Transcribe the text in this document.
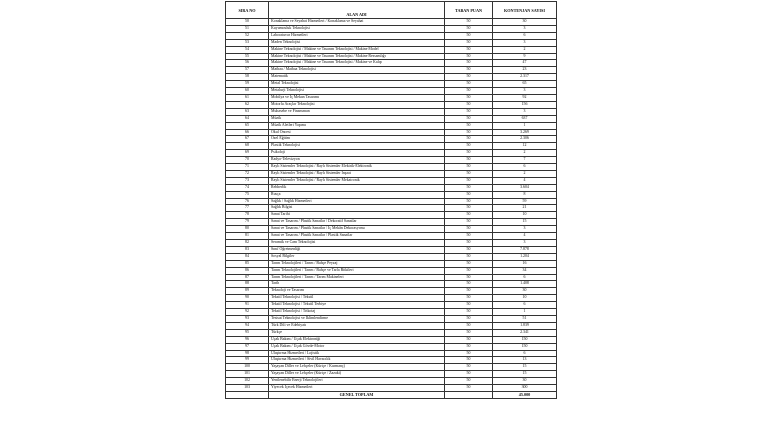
SIRA NO	ALAN ADI	TABAN PUAN	KONTENJAN SAYISI
50	Konaklama ve Seyahat Hizmetleri / Konaklama ve Seyahat	50	30
51	Kuyumculuk Teknolojisi	50	3
52	Laboratuvar Hizmetleri	50	6
53	Maden Teknolojisi	50	3
54	Makine Teknolojisi / Makine ve Tasarım Teknolojisi / Makine Model	50	2
55	Makine Teknolojisi / Makine ve Tasarım Teknolojisi / Makine Ressamlığı	50	9
56	Makine Teknolojisi / Makine ve Tasarım Teknolojisi / Makine ve Kalıp	50	47
57	Matbaa / Matbaa Teknolojisi	50	23
58	Matematik	50	2.317
59	Metal Teknolojisi	50	65
60	Metalurji Teknolojisi	50	3
61	Mobilya ve İç Mekan Tasarımı	50	92
62	Motorlu Araçlar Teknolojisi	50	156
63	Muhasebe ve Finansman	50	3
64	Müzik	50	637
65	Müzik Aletleri Yapımı	50	1
66	Okul Öncesi	50	3.269
67	Özel Eğitim	50	2.306
68	Plastik Teknolojisi	50	12
69	Psikoloji	50	2
70	Radyo-Televizyon	50	7
71	Raylı Sistemler Teknolojisi / Raylı Sistemler Elektrik-Elektronik	50	6
72	Raylı Sistemler Teknolojisi / Raylı Sistemler İnşaat	50	2
73	Raylı Sistemler Teknolojisi / Raylı Sistemler Mekatronik	50	4
74	Rehberlik	50	3.604
75	Rusça	50	8
76	Sağlık / Sağlık Hizmetleri	50	59
77	Sağlık Bilgisi	50	21
78	Sanat Tarihi	50	10
79	Sanat ve Tasarım / Plastik Sanatlar / Dekoratif Sanatlar	50	15
80	Sanat ve Tasarım / Plastik Sanatlar / İç Mekân Dekorasyonu	50	3
81	Sanat ve Tasarım / Plastik Sanatlar / Plastik Sanatlar	50	4
82	Seramik ve Cam Teknolojisi	50	3
83	Sınıf Öğretmenliği	50	7.878
84	Sosyal Bilgiler	50	1.204
85	Tarım Teknolojileri / Tarım / Bahçe Peyzaj	50	16
86	Tarım Teknolojileri / Tarım / Bahçe ve Tarla Bitkileri	50	34
87	Tarım Teknolojileri / Tarım / Tarım Makineleri	50	6
88	Tarih	50	1.408
89	Teknoloji ve Tasarım	50	30
90	Tekstil Teknolojisi / Tekstil	50	10
91	Tekstil Teknolojisi / Tekstil Terbiye	50	6
92	Tekstil Teknolojisi / Trikotaj	50	1
93	Tesisat Teknolojisi ve İklimlendirme	50	51
94	Türk Dili ve Edebiyatı	50	1.839
95	Türkçe	50	2.341
96	Uçak Bakım / Uçak Elektroniği	50	150
97	Uçak Bakım / Uçak Gövde-Motor	50	150
98	Ulaştırma Hizmetleri / Lojistik	50	6
99	Ulaştırma Hizmetleri / Sivil Havacılık	50	13
100	Yaşayan Diller ve Lehçeler (Kürtçe / Kurmanç)	50	15
101	Yaşayan Diller ve Lehçeler (Kürtçe / Zazaki)	50	15
102	Yenilenebilir Enerji Teknolojileri	50	30
103	Yiyecek İçecek Hizmetleri	50	300
	GENEL TOPLAM		45.000
